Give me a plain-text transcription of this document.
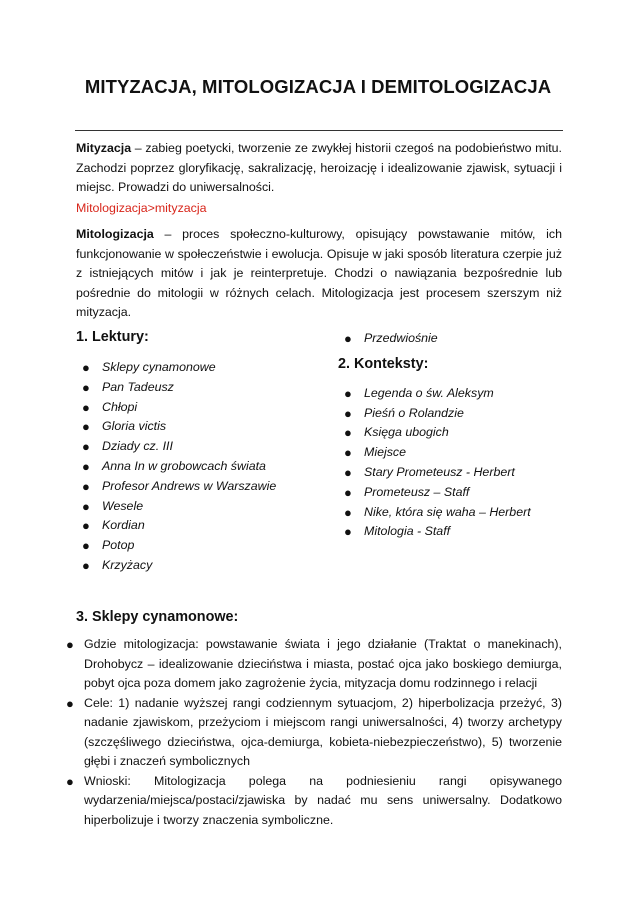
MITYZACJA, MITOLOGIZACJA I DEMITOLOGIZACJA

Mityzacja – zabieg poetycki, tworzenie ze zwykłej historii czegoś na podobieństwo mitu. Zachodzi poprzez gloryfikację, sakralizację, heroizację i idealizowanie zjawisk, sytuacji i miejsc. Prowadzi do uniwersalności.

Mitologizacja>mityzacja

Mitologizacja – proces społeczno-kulturowy, opisujący powstawanie mitów, ich funkcjonowanie w społeczeństwie i ewolucja. Opisuje w jaki sposób literatura czerpie już z istniejących mitów i jak je reinterpretuje. Chodzi o nawiązania bezpośrednie lub pośrednie do mitologii w różnych celach. Mitologizacja jest procesem szerszym niż mityzacja.

1. Lektury:
● Sklepy cynamonowe
● Pan Tadeusz
● Chłopi
● Gloria victis
● Dziady cz. III
● Anna In w grobowcach świata
● Profesor Andrews w Warszawie
● Wesele
● Kordian
● Potop
● Krzyżacy
● Przedwiośnie
2. Konteksty:
● Legenda o św. Aleksym
● Pieśń o Rolandzie
● Księga ubogich
● Miejsce
● Stary Prometeusz - Herbert
● Prometeusz – Staff
● Nike, która się waha – Herbert
● Mitologia - Staff
3. Sklepy cynamonowe:
● Gdzie mitologizacja: powstawanie świata i jego działanie (Traktat o manekinach), Drohobycz – idealizowanie dzieciństwa i miasta, postać ojca jako boskiego demiurga, pobyt ojca poza domem jako zagrożenie życia, mityzacja domu rodzinnego i relacji
● Cele: 1) nadanie wyższej rangi codziennym sytuacjom, 2) hiperbolizacja przeżyć, 3) nadanie zjawiskom, przeżyciom i miejscom rangi uniwersalności, 4) tworzy archetypy (szczęśliwego dzieciństwa, ojca-demiurga, kobieta-niebezpieczeństwo), 5) tworzenie głębi i znaczeń symbolicznych
● Wnioski: Mitologizacja polega na podniesieniu rangi opisywanego wydarzenia/miejsca/postaci/zjawiska by nadać mu sens uniwersalny. Dodatkowo hiperbolizuje i tworzy znaczenia symboliczne.
